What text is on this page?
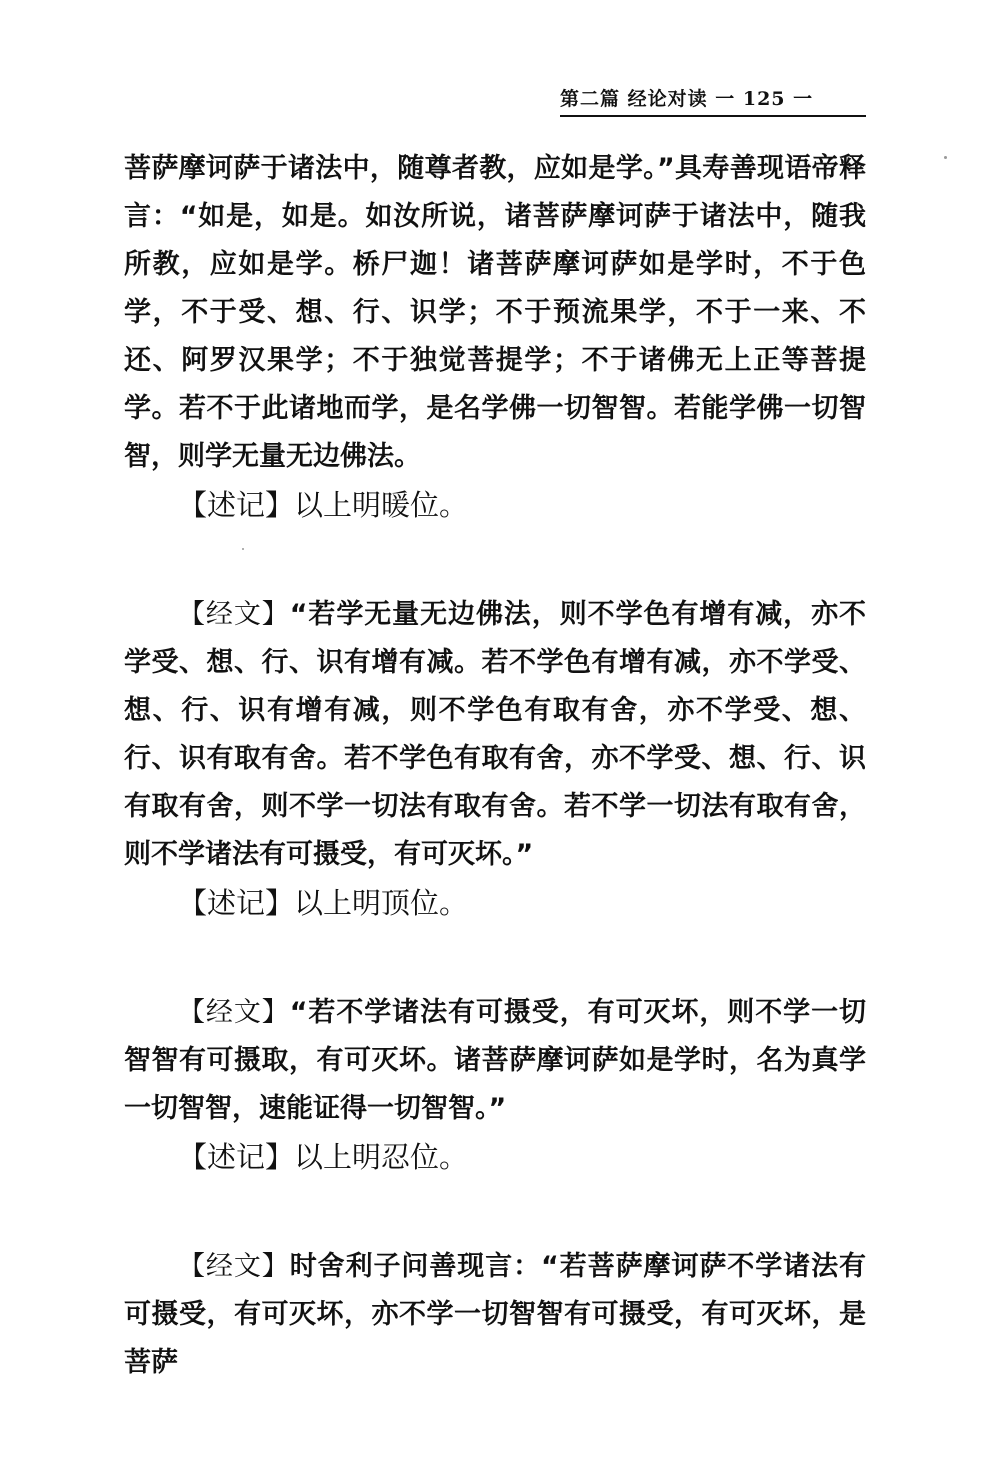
第二篇 经论对读 一 125 一

菩萨摩诃萨于诸法中，随尊者教，应如是学。”具寿善现语帝释言：“如是，如是。如汝所说，诸菩萨摩诃萨于诸法中，随我所教，应如是学。桥尸迦！诸菩萨摩诃萨如是学时，不于色学，不于受、想、行、识学；不于预流果学，不于一来、不还、阿罗汉果学；不于独觉菩提学；不于诸佛无上正等菩提学。若不于此诸地而学，是名学佛一切智智。若能学佛一切智智，则学无量无边佛法。

【述记】以上明暖位。

【经文】“若学无量无边佛法，则不学色有增有减，亦不学受、想、行、识有增有减。若不学色有增有减，亦不学受、想、行、识有增有减，则不学色有取有舍，亦不学受、想、行、识有取有舍。若不学色有取有舍，亦不学受、想、行、识有取有舍，则不学一切法有取有舍。若不学一切法有取有舍，则不学诸法有可摄受，有可灭坏。”

【述记】以上明顶位。

【经文】“若不学诸法有可摄受，有可灭坏，则不学一切智智有可摄取，有可灭坏。诸菩萨摩诃萨如是学时，名为真学一切智智，速能证得一切智智。”

【述记】以上明忍位。

【经文】时舍利子问善现言：“若菩萨摩诃萨不学诸法有可摄受，有可灭坏，亦不学一切智智有可摄受，有可灭坏，是菩萨
